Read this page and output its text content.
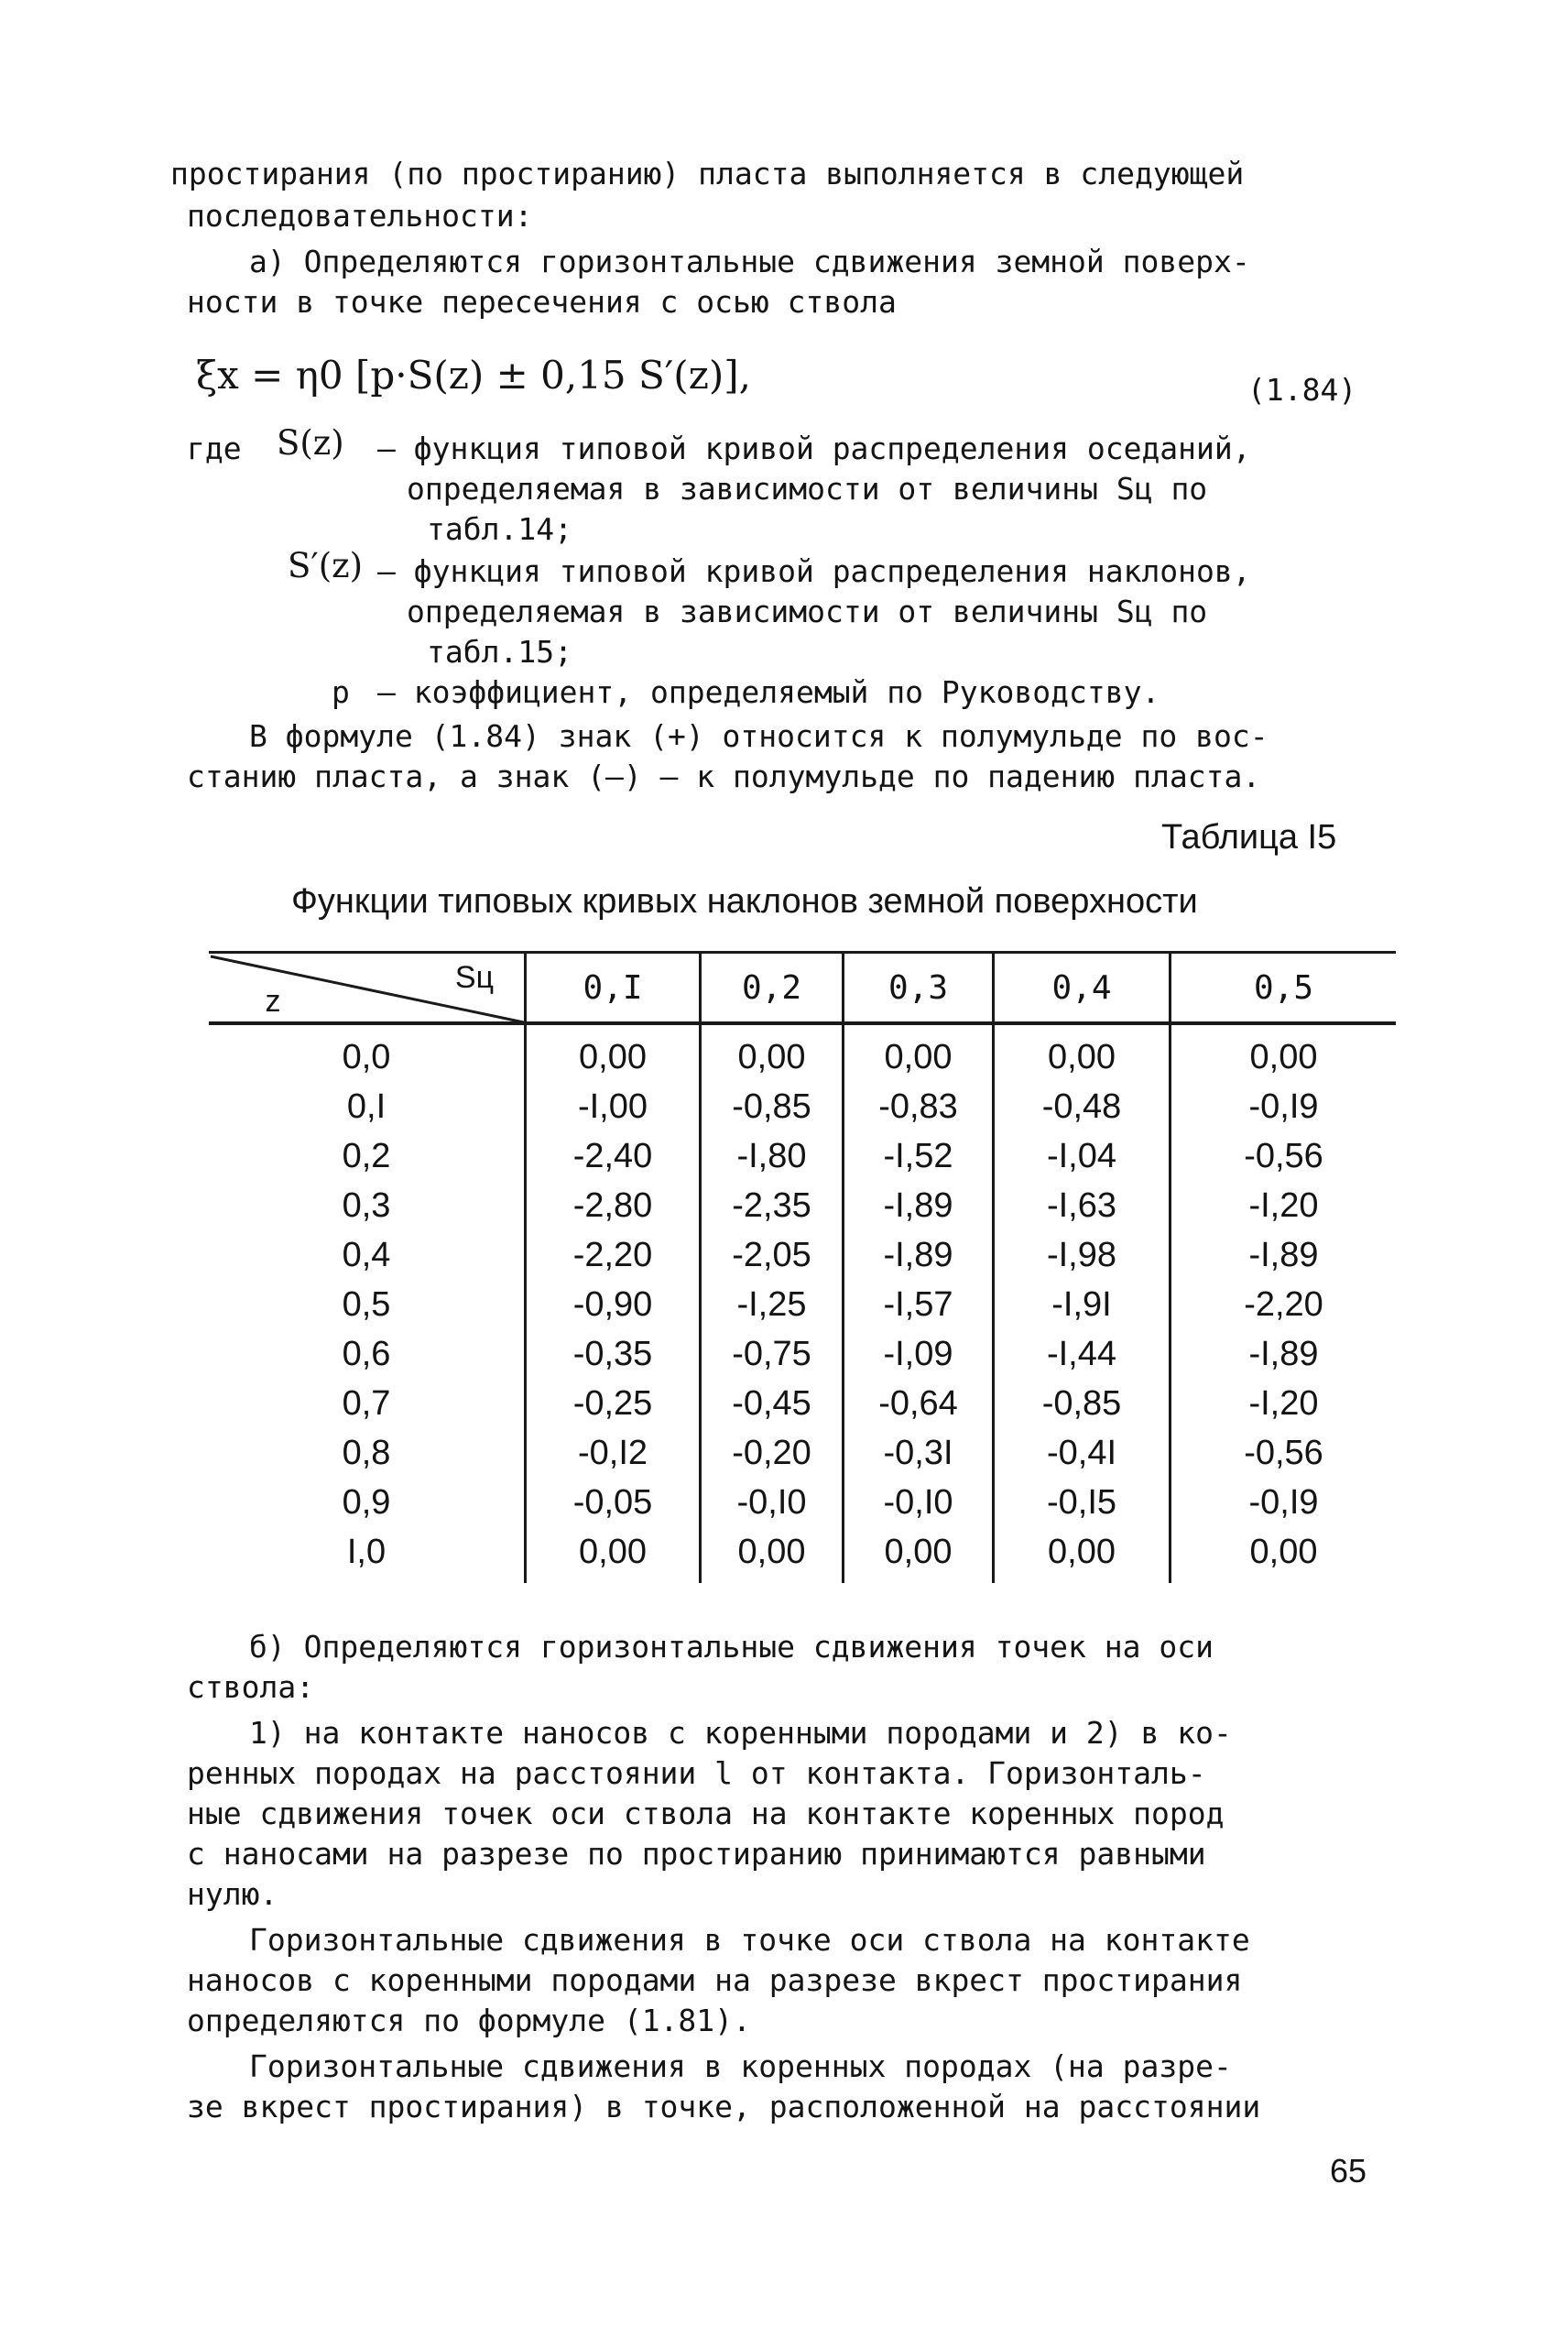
простирания (по простиранию) пласта выполняется в следующей
последовательности:
а) Определяются горизонтальные сдвижения земной поверх-
ности в точке пересечения с осью ствола
ξx = η0 [p·S(z) ± 0,15 S′(z)],	(1.84)
где S(z) – функция типовой кривой распределения оседаний,
определяемая в зависимости от величины Sц по
табл.14;
S′(z) – функция типовой кривой распределения наклонов,
определяемая в зависимости от величины Sц по
табл.15;
p – коэффициент, определяемый по Руководству.
В формуле (1.84) знак (+) относится к полумульде по вос-
станию пласта, а знак (–) – к полумульде по падению пласта.
Таблица I5
Функции типовых кривых наклонов земной поверхности
Sц
z	0,I	0,2	0,3	0,4	0,5
0,0	0,00	0,00	0,00	0,00	0,00
0,I	-I,00	-0,85	-0,83	-0,48	-0,I9
0,2	-2,40	-I,80	-I,52	-I,04	-0,56
0,3	-2,80	-2,35	-I,89	-I,63	-I,20
0,4	-2,20	-2,05	-I,89	-I,98	-I,89
0,5	-0,90	-I,25	-I,57	-I,9I	-2,20
0,6	-0,35	-0,75	-I,09	-I,44	-I,89
0,7	-0,25	-0,45	-0,64	-0,85	-I,20
0,8	-0,I2	-0,20	-0,3I	-0,4I	-0,56
0,9	-0,05	-0,I0	-0,I0	-0,I5	-0,I9
I,0	0,00	0,00	0,00	0,00	0,00
б) Определяются горизонтальные сдвижения точек на оси
ствола:
1) на контакте наносов с коренными породами и 2) в ко-
ренных породах на расстоянии l от контакта. Горизонталь-
ные сдвижения точек оси ствола на контакте коренных пород
с наносами на разрезе по простиранию принимаются равными
нулю.
Горизонтальные сдвижения в точке оси ствола на контакте
наносов с коренными породами на разрезе вкрест простирания
определяются по формуле (1.81).
Горизонтальные сдвижения в коренных породах (на разре-
зе вкрест простирания) в точке, расположенной на расстоянии
65
